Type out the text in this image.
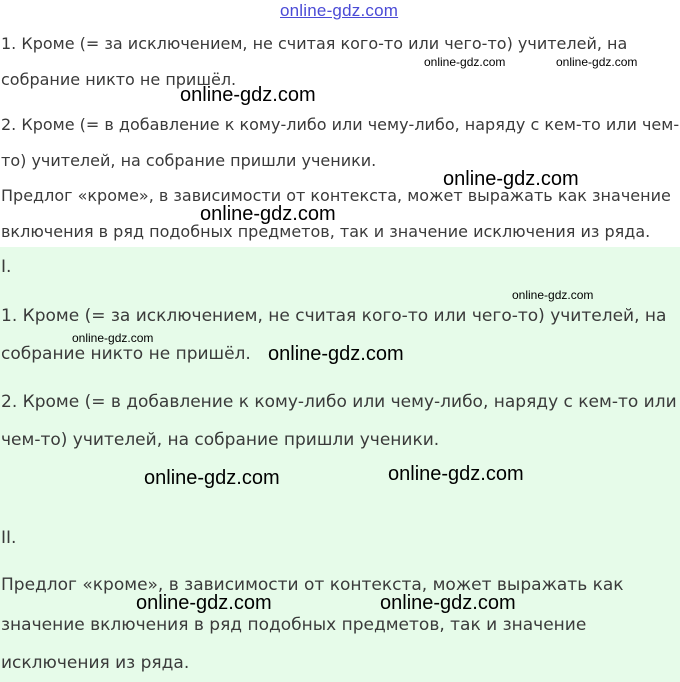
online-gdz.com
1. Кроме (= за исключением, не считая кого-то или чего-то) учителей, на
собрание никто не пришёл.
2. Кроме (= в добавление к кому-либо или чему-либо, наряду с кем-то или чем-
то) учителей, на собрание пришли ученики.
Предлог «кроме», в зависимости от контекста, может выражать как значение
включения в ряд подобных предметов, так и значение исключения из ряда.
I.
1. Кроме (= за исключением, не считая кого-то или чего-то) учителей, на
собрание никто не пришёл.
2. Кроме (= в добавление к кому-либо или чему-либо, наряду с кем-то или
чем-то) учителей, на собрание пришли ученики.
II.
Предлог «кроме», в зависимости от контекста, может выражать как
значение включения в ряд подобных предметов, так и значение
исключения из ряда.
online-gdz.com	online-gdz.com
online-gdz.com
online-gdz.com
online-gdz.com
online-gdz.com
online-gdz.com
online-gdz.com
online-gdz.com
online-gdz.com
online-gdz.com	online-gdz.com
